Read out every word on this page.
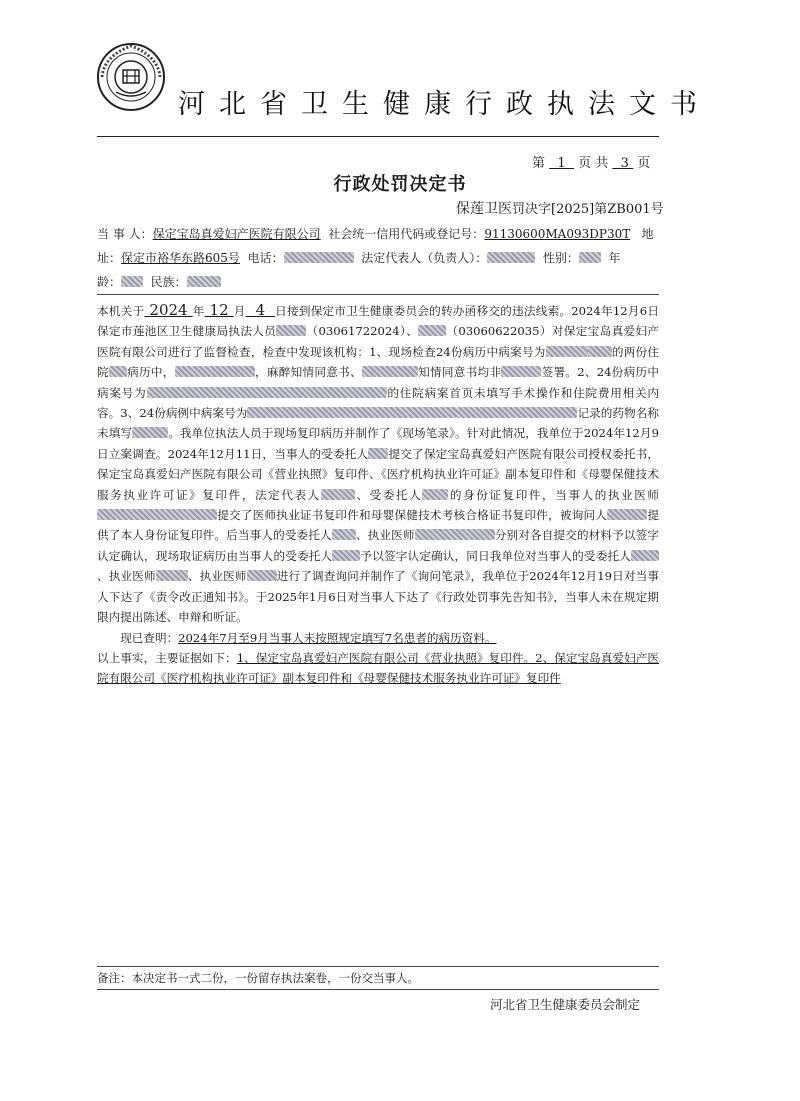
河北省卫生健康行政执法文书
第 1 页 共 3 页
行政处罚决定书
保莲卫医罚决字[2025]第ZB001号
当 事 人：保定宝岛真爱妇产医院有限公司 社会统一信用代码或登记号：91130600MA093DP30T 地
址：保定市裕华东路605号 电话：	法定代表人（负责人）：	性别： 年
龄： 民族：

本机关于 2024 年 12 月 4 日接到保定市卫生健康委员会的转办函移交的违法线索。2024年12月6日保定市莲池区卫生健康局执法人员	（03061722024）、 （03060622035）对保定宝岛真爱妇产医院有限公司进行了监督检查，检查中发现该机构：1、现场检查24份病历中病案号为	的两份住院 病历中，	，麻醉知情同意书、	知情同意书均非	签署。2、24份病历中病案号为	的住院病案首页未填写手术操作和住院费用相关内容。3、24份病例中病案号为	记录的药物名称未填写	。我单位执法人员于现场复印病历并制作了《现场笔录》。针对此情况，我单位于2024年12月9日立案调查。2024年12月11日，当事人的受委托人 提交了保定宝岛真爱妇产医院有限公司授权委托书，保定宝岛真爱妇产医院有限公司《营业执照》复印件、《医疗机构执业许可证》副本复印件和《母婴保健技术服务执业许可证》复印件，法定代表人	、受委托人 的身份证复印件，当事人的执业医师提交了医师执业证书复印件和母婴保健技术考核合格证书复印件，被询问人	提供了本人身份证复印件。后当事人的受委托人 、执业医师	分别对各自提交的材料予以签字认定确认，现场取证病历由当事人的受委托人 予以签字认定确认，同日我单位对当事人的受委托人、执业医师	、执业医师	进行了调查询问并制作了《询问笔录》，我单位于2024年12月19日对当事人下达了《责令改正通知书》。于2025年1月6日对当事人下达了《行政处罚事先告知书》，当事人未在规定期限内提出陈述、申辩和听证。

现已查明：2024年7月至9月当事人未按照规定填写7名患者的病历资料。

以上事实，主要证据如下：1、保定宝岛真爱妇产医院有限公司《营业执照》复印件。2、保定宝岛真爱妇产医院有限公司《医疗机构执业许可证》副本复印件和《母婴保健技术服务执业许可证》复印件

备注：本决定书一式二份，一份留存执法案卷，一份交当事人。
河北省卫生健康委员会制定
